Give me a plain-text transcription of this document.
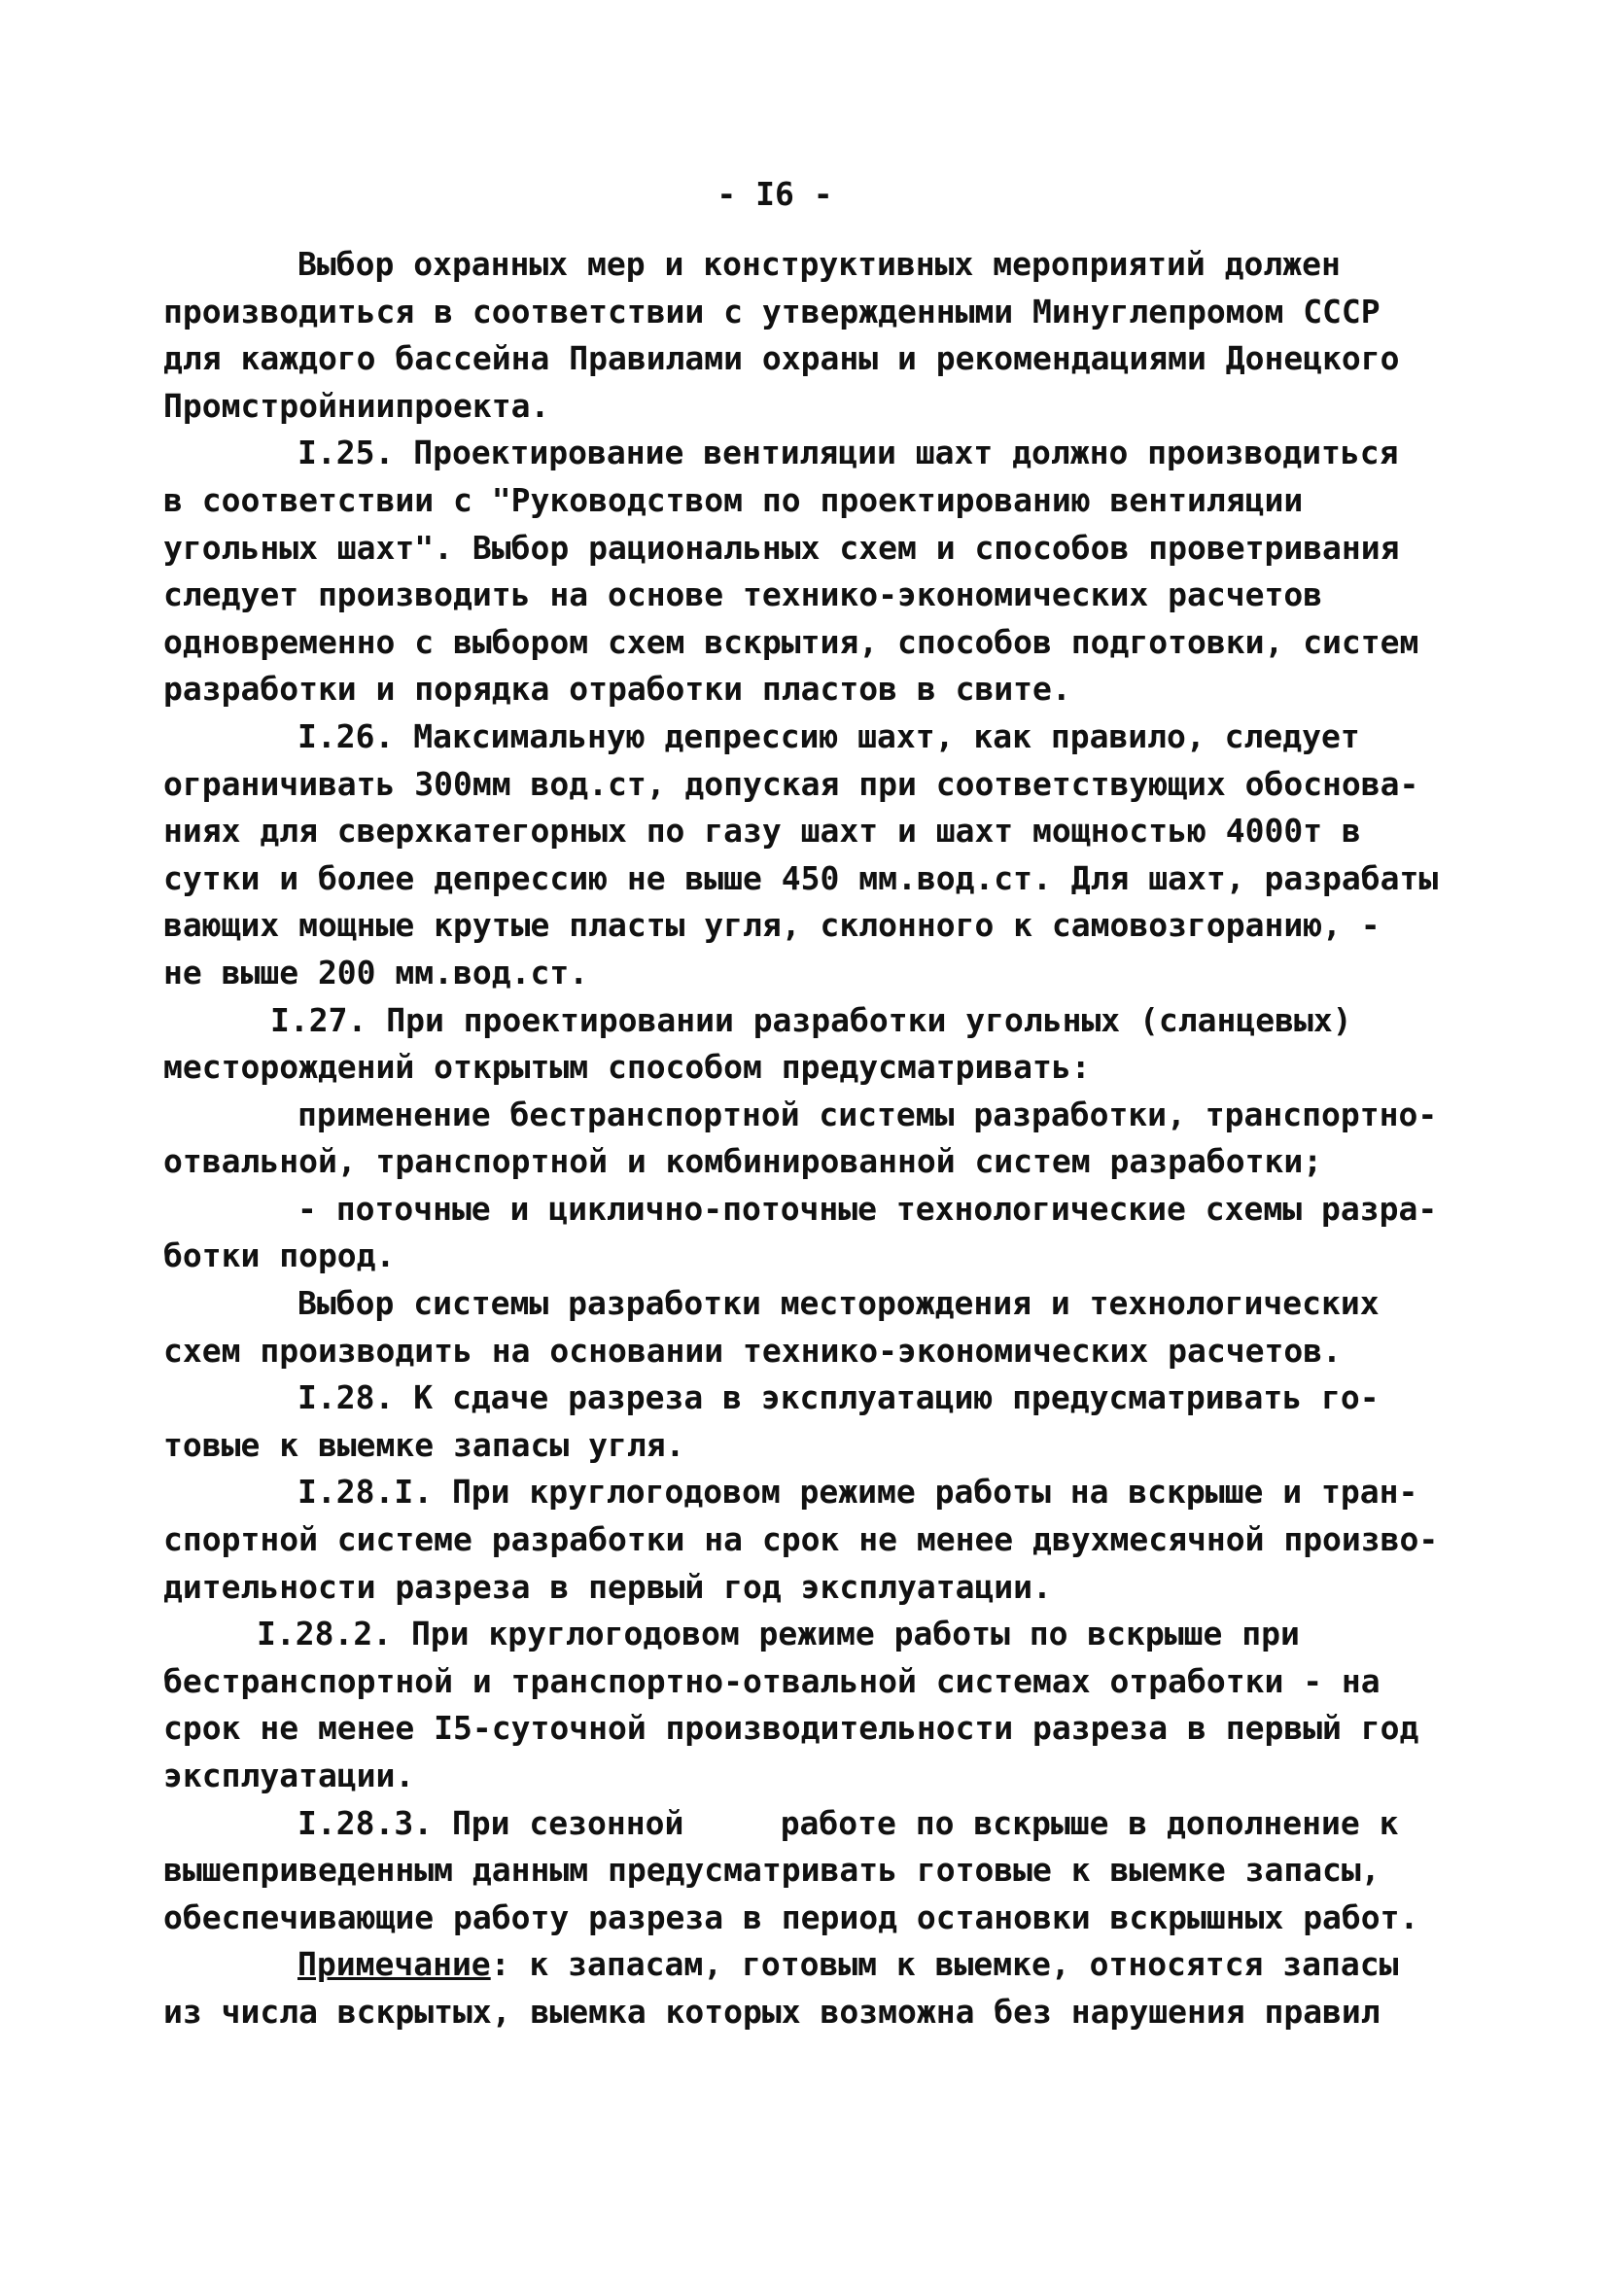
- I6 -
Выбор охранных мер и конструктивных мероприятий должен
производиться в соответствии с утвержденными Минуглепромом СССР
для каждого бассейна Правилами охраны и рекомендациями Донецкого
Промстройниипроекта.
I.25. Проектирование вентиляции шахт должно производиться
в соответствии с "Руководством по проектированию вентиляции
угольных шахт". Выбор рациональных схем и способов проветривания
следует производить на основе технико-экономических расчетов
одновременно с выбором схем вскрытия, способов подготовки, систем
разработки и порядка отработки пластов в свите.
I.26. Максимальную депрессию шахт, как правило, следует
ограничивать 300мм вод.ст, допуская при соответствующих обоснова-
ниях для сверхкатегорных по газу шахт и шахт мощностью 4000т в
сутки и более депрессию не выше 450 мм.вод.ст. Для шахт, разрабаты
вающих мощные крутые пласты угля, склонного к самовозгоранию, -
не выше 200 мм.вод.ст.
I.27. При проектировании разработки угольных (сланцевых)
месторождений открытым способом предусматривать:
применение бестранспортной системы разработки, транспортно-
отвальной, транспортной и комбинированной систем разработки;
- поточные и циклично-поточные технологические схемы разра-
ботки пород.
Выбор системы разработки месторождения и технологических
схем производить на основании технико-экономических расчетов.
I.28. К сдаче разреза в эксплуатацию предусматривать го-
товые к выемке запасы угля.
I.28.I. При круглогодовом режиме работы на вскрыше и тран-
спортной системе разработки на срок не менее двухмесячной произво-
дительности разреза в первый год эксплуатации.
I.28.2. При круглогодовом режиме работы по вскрыше при
бестранспортной и транспортно-отвальной системах отработки - на
срок не менее I5-суточной производительности разреза в первый год
эксплуатации.
I.28.3. При сезонной     работе по вскрыше в дополнение к
вышеприведенным данным предусматривать готовые к выемке запасы,
обеспечивающие работу разреза в период остановки вскрышных работ.
Примечание: к запасам, готовым к выемке, относятся запасы
из числа вскрытых, выемка которых возможна без нарушения правил
